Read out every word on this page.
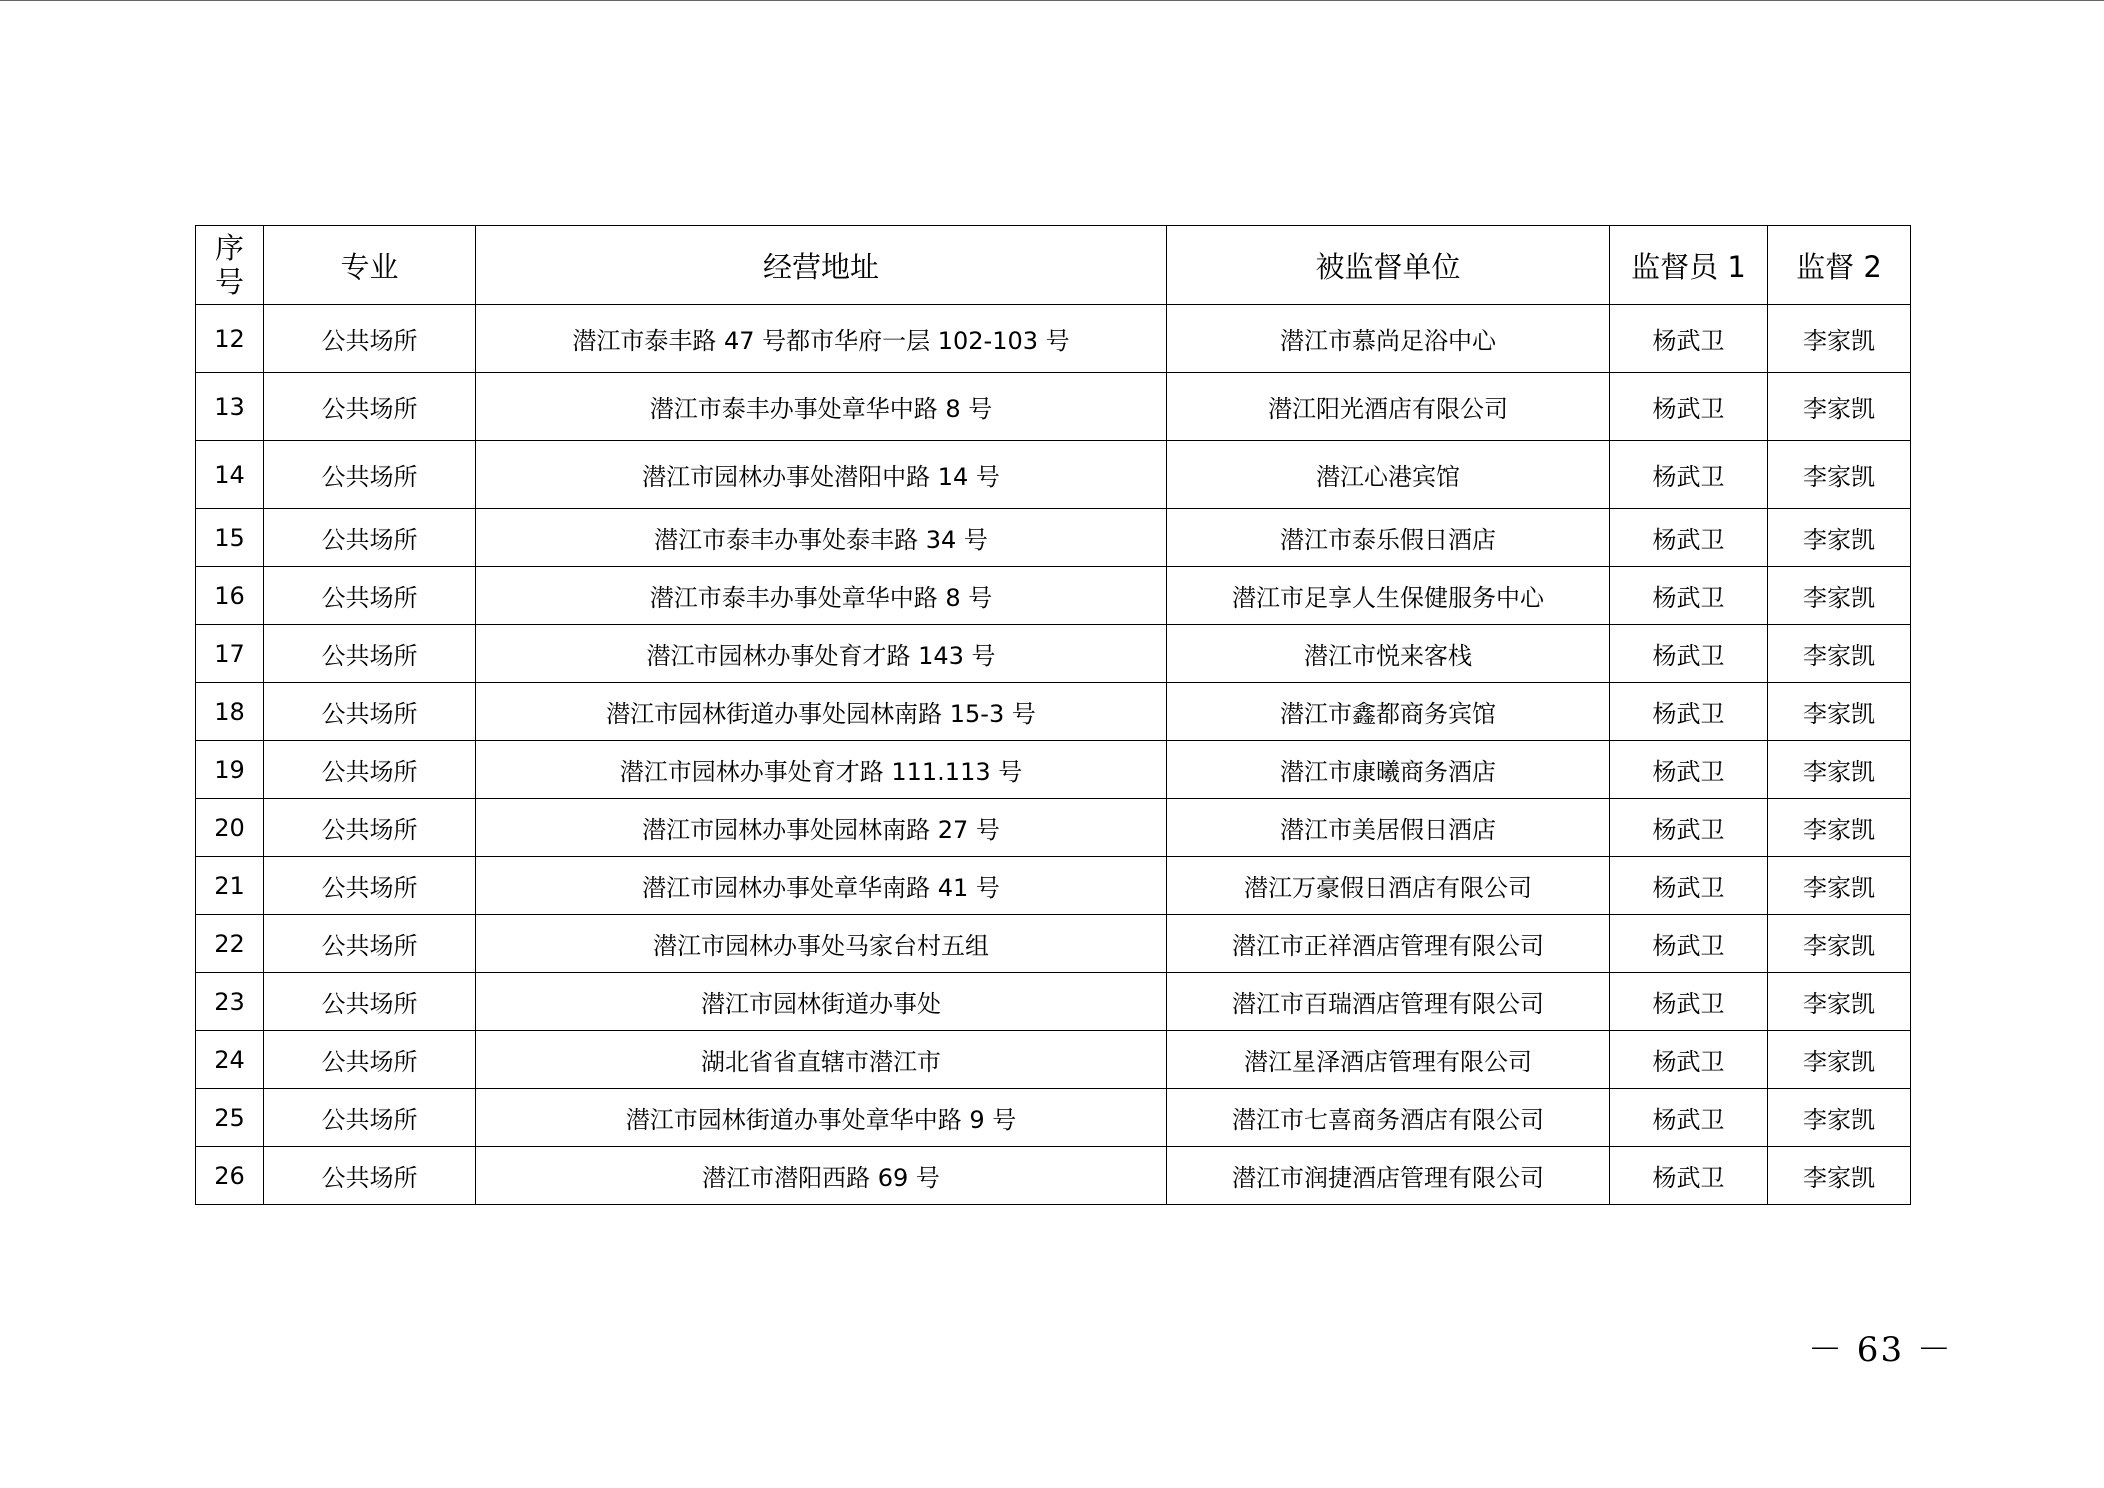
序号	专业	经营地址	被监督单位	监督员 1	监督 2
12	公共场所	潜江市泰丰路 47 号都市华府一层 102-103 号	潜江市慕尚足浴中心	杨武卫	李家凯
13	公共场所	潜江市泰丰办事处章华中路 8 号	潜江阳光酒店有限公司	杨武卫	李家凯
14	公共场所	潜江市园林办事处潜阳中路 14 号	潜江心港宾馆	杨武卫	李家凯
15	公共场所	潜江市泰丰办事处泰丰路 34 号	潜江市泰乐假日酒店	杨武卫	李家凯
16	公共场所	潜江市泰丰办事处章华中路 8 号	潜江市足享人生保健服务中心	杨武卫	李家凯
17	公共场所	潜江市园林办事处育才路 143 号	潜江市悦来客栈	杨武卫	李家凯
18	公共场所	潜江市园林街道办事处园林南路 15-3 号	潜江市鑫都商务宾馆	杨武卫	李家凯
19	公共场所	潜江市园林办事处育才路 111.113 号	潜江市康曦商务酒店	杨武卫	李家凯
20	公共场所	潜江市园林办事处园林南路 27 号	潜江市美居假日酒店	杨武卫	李家凯
21	公共场所	潜江市园林办事处章华南路 41 号	潜江万豪假日酒店有限公司	杨武卫	李家凯
22	公共场所	潜江市园林办事处马家台村五组	潜江市正祥酒店管理有限公司	杨武卫	李家凯
23	公共场所	潜江市园林街道办事处	潜江市百瑞酒店管理有限公司	杨武卫	李家凯
24	公共场所	湖北省省直辖市潜江市	潜江星泽酒店管理有限公司	杨武卫	李家凯
25	公共场所	潜江市园林街道办事处章华中路 9 号	潜江市七喜商务酒店有限公司	杨武卫	李家凯
26	公共场所	潜江市潜阳西路 69 号	潜江市润捷酒店管理有限公司	杨武卫	李家凯
－ 63 －
